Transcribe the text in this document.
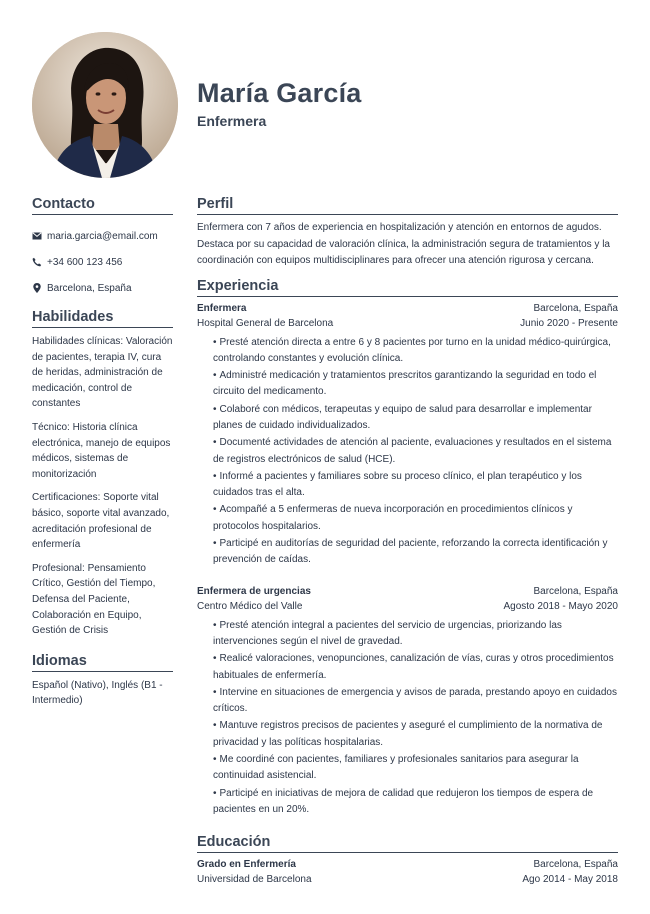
María García
Enfermera
Contacto
maria.garcia@email.com
+34 600 123 456
Barcelona, España
Habilidades

Habilidades clínicas: Valoración de pacientes, terapia IV, cura de heridas, administración de medicación, control de constantes

Técnico: Historia clínica electrónica, manejo de equipos médicos, sistemas de monitorización

Certificaciones: Soporte vital básico, soporte vital avanzado, acreditación profesional de enfermería

Profesional: Pensamiento Crítico, Gestión del Tiempo, Defensa del Paciente, Colaboración en Equipo, Gestión de Crisis

Idiomas

Español (Nativo), Inglés (B1 - Intermedio)

Perfil

Enfermera con 7 años de experiencia en hospitalización y atención en entornos de agudos. Destaca por su capacidad de valoración clínica, la administración segura de tratamientos y la coordinación con equipos multidisciplinares para ofrecer una atención rigurosa y cercana.

Experiencia
Enfermera
Hospital General de Barcelona
Barcelona, España
Junio 2020 - Presente
• Presté atención directa a entre 6 y 8 pacientes por turno en la unidad médico-quirúrgica, controlando constantes y evolución clínica.
• Administré medicación y tratamientos prescritos garantizando la seguridad en todo el circuito del medicamento.
• Colaboré con médicos, terapeutas y equipo de salud para desarrollar e implementar planes de cuidado individualizados.
• Documenté actividades de atención al paciente, evaluaciones y resultados en el sistema de registros electrónicos de salud (HCE).
• Informé a pacientes y familiares sobre su proceso clínico, el plan terapéutico y los cuidados tras el alta.
• Acompañé a 5 enfermeras de nueva incorporación en procedimientos clínicos y protocolos hospitalarios.
• Participé en auditorías de seguridad del paciente, reforzando la correcta identificación y prevención de caídas.
Enfermera de urgencias
Centro Médico del Valle
Barcelona, España
Agosto 2018 - Mayo 2020
• Presté atención integral a pacientes del servicio de urgencias, priorizando las intervenciones según el nivel de gravedad.
• Realicé valoraciones, venopunciones, canalización de vías, curas y otros procedimientos habituales de enfermería.
• Intervine en situaciones de emergencia y avisos de parada, prestando apoyo en cuidados críticos.
• Mantuve registros precisos de pacientes y aseguré el cumplimiento de la normativa de privacidad y las políticas hospitalarias.
• Me coordiné con pacientes, familiares y profesionales sanitarios para asegurar la continuidad asistencial.
• Participé en iniciativas de mejora de calidad que redujeron los tiempos de espera de pacientes en un 20%.
Educación
Grado en Enfermería
Universidad de Barcelona
Barcelona, España
Ago 2014 - May 2018
